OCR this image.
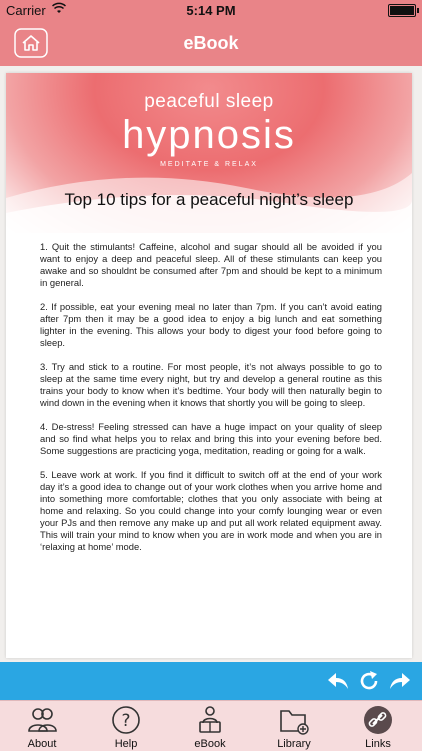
Carrier	5:14 PM
eBook
peaceful sleep
hypnosis
MEDITATE & RELAX
Top 10 tips for a peaceful night’s sleep

1. Quit the stimulants! Caffeine, alcohol and sugar should all be avoided if you want to enjoy a deep and peaceful sleep. All of these stimulants can keep you awake and so shouldnt be consumed after 7pm and should be kept to a minimum in general.

2. If possible, eat your evening meal no later than 7pm. If you can’t avoid eating after 7pm then it may be a good idea to enjoy a big lunch and eat something lighter in the evening. This allows your body to digest your food before going to sleep.

3. Try and stick to a routine. For most people, it’s not always possible to go to sleep at the same time every night, but try and develop a general routine as this trains your body to know when it’s bedtime. Your body will then naturally begin to wind down in the evening when it knows that shortly you will be going to sleep.

4. De-stress! Feeling stressed can have a huge impact on your quality of sleep and so find what helps you to relax and bring this into your evening before bed. Some suggestions are practicing yoga, meditation, reading or going for a walk.

5. Leave work at work. If you find it difficult to switch off at the end of your work day it’s a good idea to change out of your work clothes when you arrive home and into something more comfortable; clothes that you only associate with being at home and relaxing. So you could change into your comfy lounging wear or even your PJs and then remove any make up and put all work related equipment away. This will train your mind to know when you are in work mode and when you are in ‘relaxing at home’ mode.

About
?
Help	eBook	Library	Links
